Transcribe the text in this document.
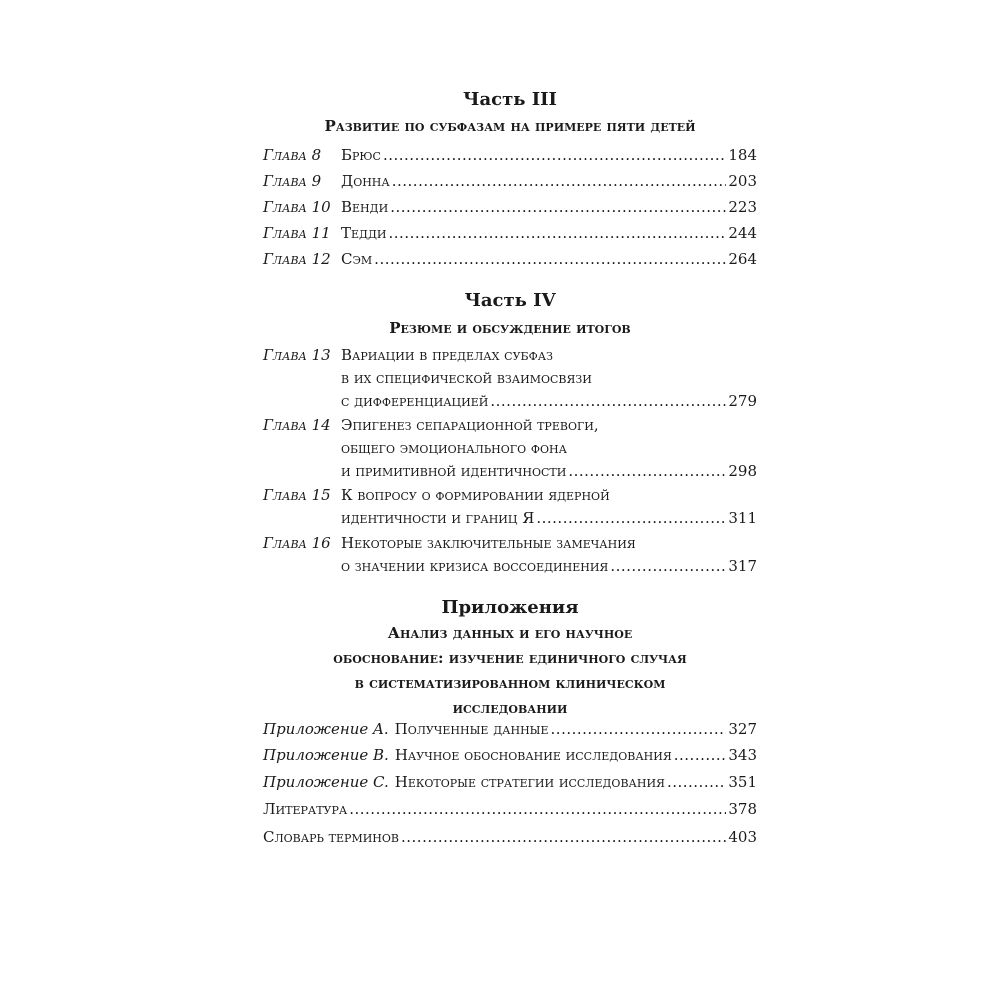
Часть III
Развитие по субфазам на примере пяти детей
Глава 8 Брюс .....	184
Глава 9 Донна .....	203
Глава 10 Венди .....	223
Глава 11 Тедди .....	244
Глава 12 Сэм .....	264
Часть IV
Резюме и обсуждение итогов
Глава 13 Вариации в пределах субфаз
в их специфической взаимосвязи
с дифференциацией .....	279
Глава 14 Эпигенез сепарационной тревоги,
общего эмоционального фона
и примитивной идентичности .....	298
Глава 15 К вопросу о формировании ядерной
идентичности и границ Я .....	311
Глава 16 Некоторые заключительные замечания
о значении кризиса воссоединения .....	317
Приложения
Анализ данных и его научное
обоснование: изучение единичного случая
в систематизированном клиническом
исследовании
Приложение A. Полученные данные .....	327
Приложение B. Научное обоснование исследования .....	343
Приложение C. Некоторые стратегии исследования .....	351
Литература .....	378
Словарь терминов .....	403
